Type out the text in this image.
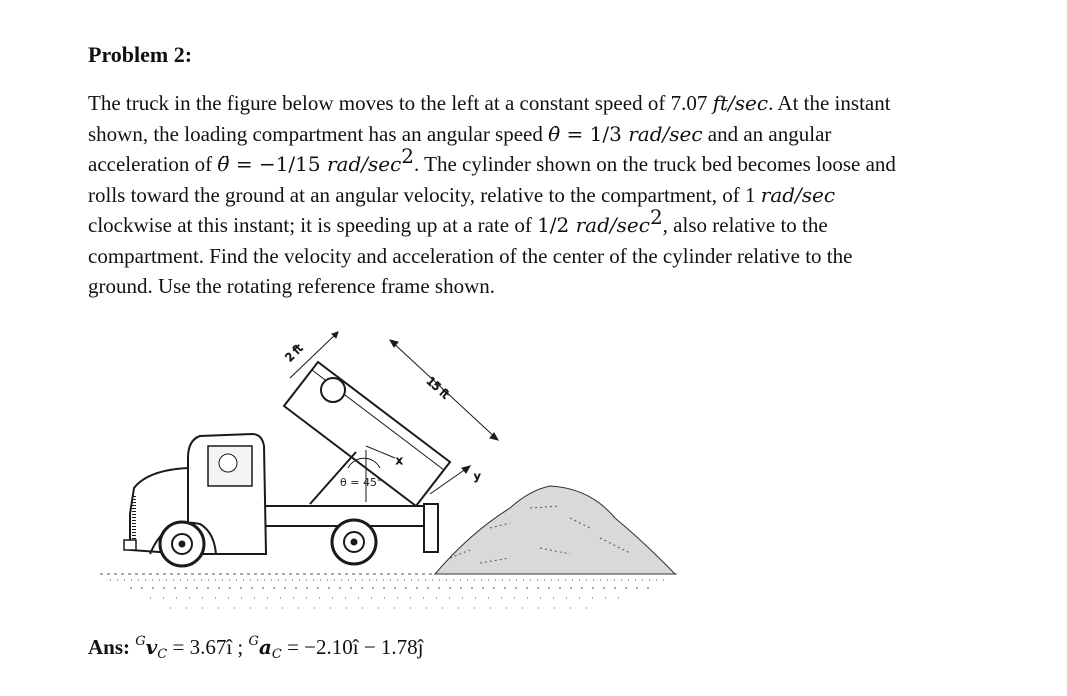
Problem 2:
The truck in the figure below moves to the left at a constant speed of 7.07 ft/sec. At the instant
shown, the loading compartment has an angular speed θ̇ = 1/3 rad/sec and an angular
acceleration of θ̈ = −1/15 rad/$\sec^2$. The cylinder shown on the truck bed becomes loose and
rolls toward the ground at an angular velocity, relative to the compartment, of 1 rad/sec
clockwise at this instant; it is speeding up at a rate of 1/2 rad/$\sec^2$, also relative to the
compartment. Find the velocity and acceleration of the center of the cylinder relative to the
ground. Use the rotating reference frame shown.
15 ft
2 ft
x
y
θ = 45°

Ans: $^Gv_C$ = 3.67î ; $^Ga_C$ = −2.10î − 1.78ĵ
